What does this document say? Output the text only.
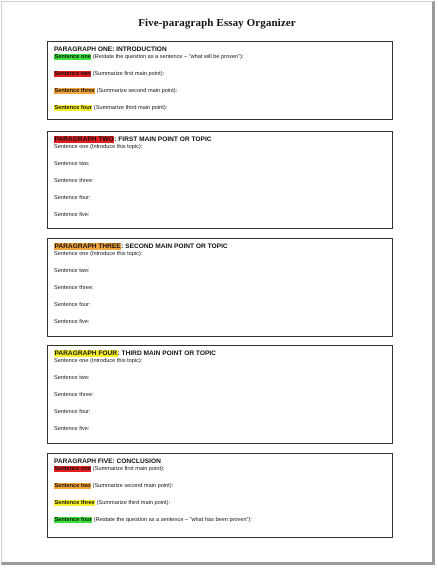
Five-paragraph Essay Organizer
PARAGRAPH ONE: INTRODUCTION
Sentence one (Restate the question as a sentence – “what will be proven”):
Sentence two (Summarize first main point):
Sentence three (Summarize second main point):
Sentence four (Summarize third main point):
PARAGRAPH TWO: FIRST MAIN POINT OR TOPIC
Sentence one (Introduce this topic):
Sentence two:
Sentence three:
Sentence four:
Sentence five:
PARAGRAPH THREE: SECOND MAIN POINT OR TOPIC
Sentence one (Introduce this topic):
Sentence two:
Sentence three:
Sentence four:
Sentence five:
PARAGRAPH FOUR: THIRD MAIN POINT OR TOPIC
Sentence one (Introduce this topic):
Sentence two:
Sentence three:
Sentence four:
Sentence five:
PARAGRAPH FIVE: CONCLUSION
Sentence one (Summarize first main point):
Sentence two (Summarize second main point):
Sentence three (Summarize third main point):
Sentence four (Restate the question as a sentence – “what has been proven”):
